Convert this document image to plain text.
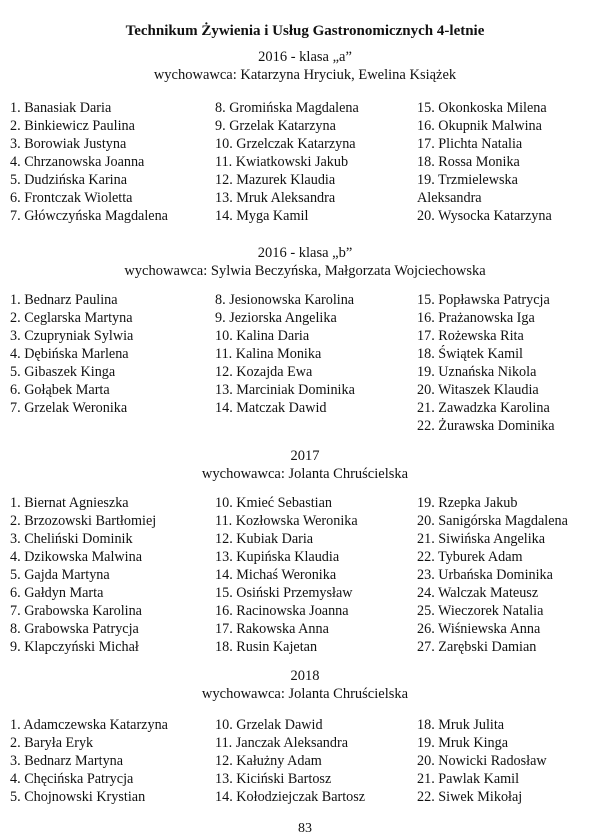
Technikum Żywienia i Usług Gastronomicznych 4-letnie
2016 - klasa „a”
wychowawca: Katarzyna Hryciuk, Ewelina Książek
1. Banasiak Daria
2. Binkiewicz Paulina
3. Borowiak Justyna
4. Chrzanowska Joanna
5. Dudzińska Karina
6. Frontczak Wioletta
7. Główczyńska Magdalena
8. Gromińska Magdalena
9. Grzelak Katarzyna
10. Grzelczak Katarzyna
11. Kwiatkowski Jakub
12. Mazurek Klaudia
13. Mruk Aleksandra
14. Myga Kamil
15. Okonkoska Milena
16. Okupnik Malwina
17. Plichta Natalia
18. Rossa Monika
19. Trzmielewska
Aleksandra
20. Wysocka Katarzyna
2016 - klasa „b”
wychowawca: Sylwia Beczyńska, Małgorzata Wojciechowska
1. Bednarz Paulina
2. Ceglarska Martyna
3. Czupryniak Sylwia
4. Dębińska Marlena
5. Gibaszek Kinga
6. Gołąbek Marta
7. Grzelak Weronika
8. Jesionowska Karolina
9. Jeziorska Angelika
10. Kalina Daria
11. Kalina Monika
12. Kozajda Ewa
13. Marciniak Dominika
14. Matczak Dawid
15. Popławska Patrycja
16. Prażanowska Iga
17. Rożewska Rita
18. Świątek Kamil
19. Uznańska Nikola
20. Witaszek Klaudia
21. Zawadzka Karolina
22. Żurawska Dominika
2017
wychowawca: Jolanta Chruścielska
1. Biernat Agnieszka
2. Brzozowski Bartłomiej
3. Cheliński Dominik
4. Dzikowska Malwina
5. Gajda Martyna
6. Gałdyn Marta
7. Grabowska Karolina
8. Grabowska Patrycja
9. Klapczyński Michał
10. Kmieć Sebastian
11. Kozłowska Weronika
12. Kubiak Daria
13. Kupińska Klaudia
14. Michaś Weronika
15. Osiński Przemysław
16. Racinowska Joanna
17. Rakowska Anna
18. Rusin Kajetan
19. Rzepka Jakub
20. Sanigórska Magdalena
21. Siwińska Angelika
22. Tyburek Adam
23. Urbańska Dominika
24. Walczak Mateusz
25. Wieczorek Natalia
26. Wiśniewska Anna
27. Zarębski Damian
2018
wychowawca: Jolanta Chruścielska
1. Adamczewska Katarzyna
2. Baryła Eryk
3. Bednarz Martyna
4. Chęcińska Patrycja
5. Chojnowski Krystian
10. Grzelak Dawid
11. Janczak Aleksandra
12. Kałużny Adam
13. Kiciński Bartosz
14. Kołodziejczak Bartosz
18. Mruk Julita
19. Mruk Kinga
20. Nowicki Radosław
21. Pawlak Kamil
22. Siwek Mikołaj
83
